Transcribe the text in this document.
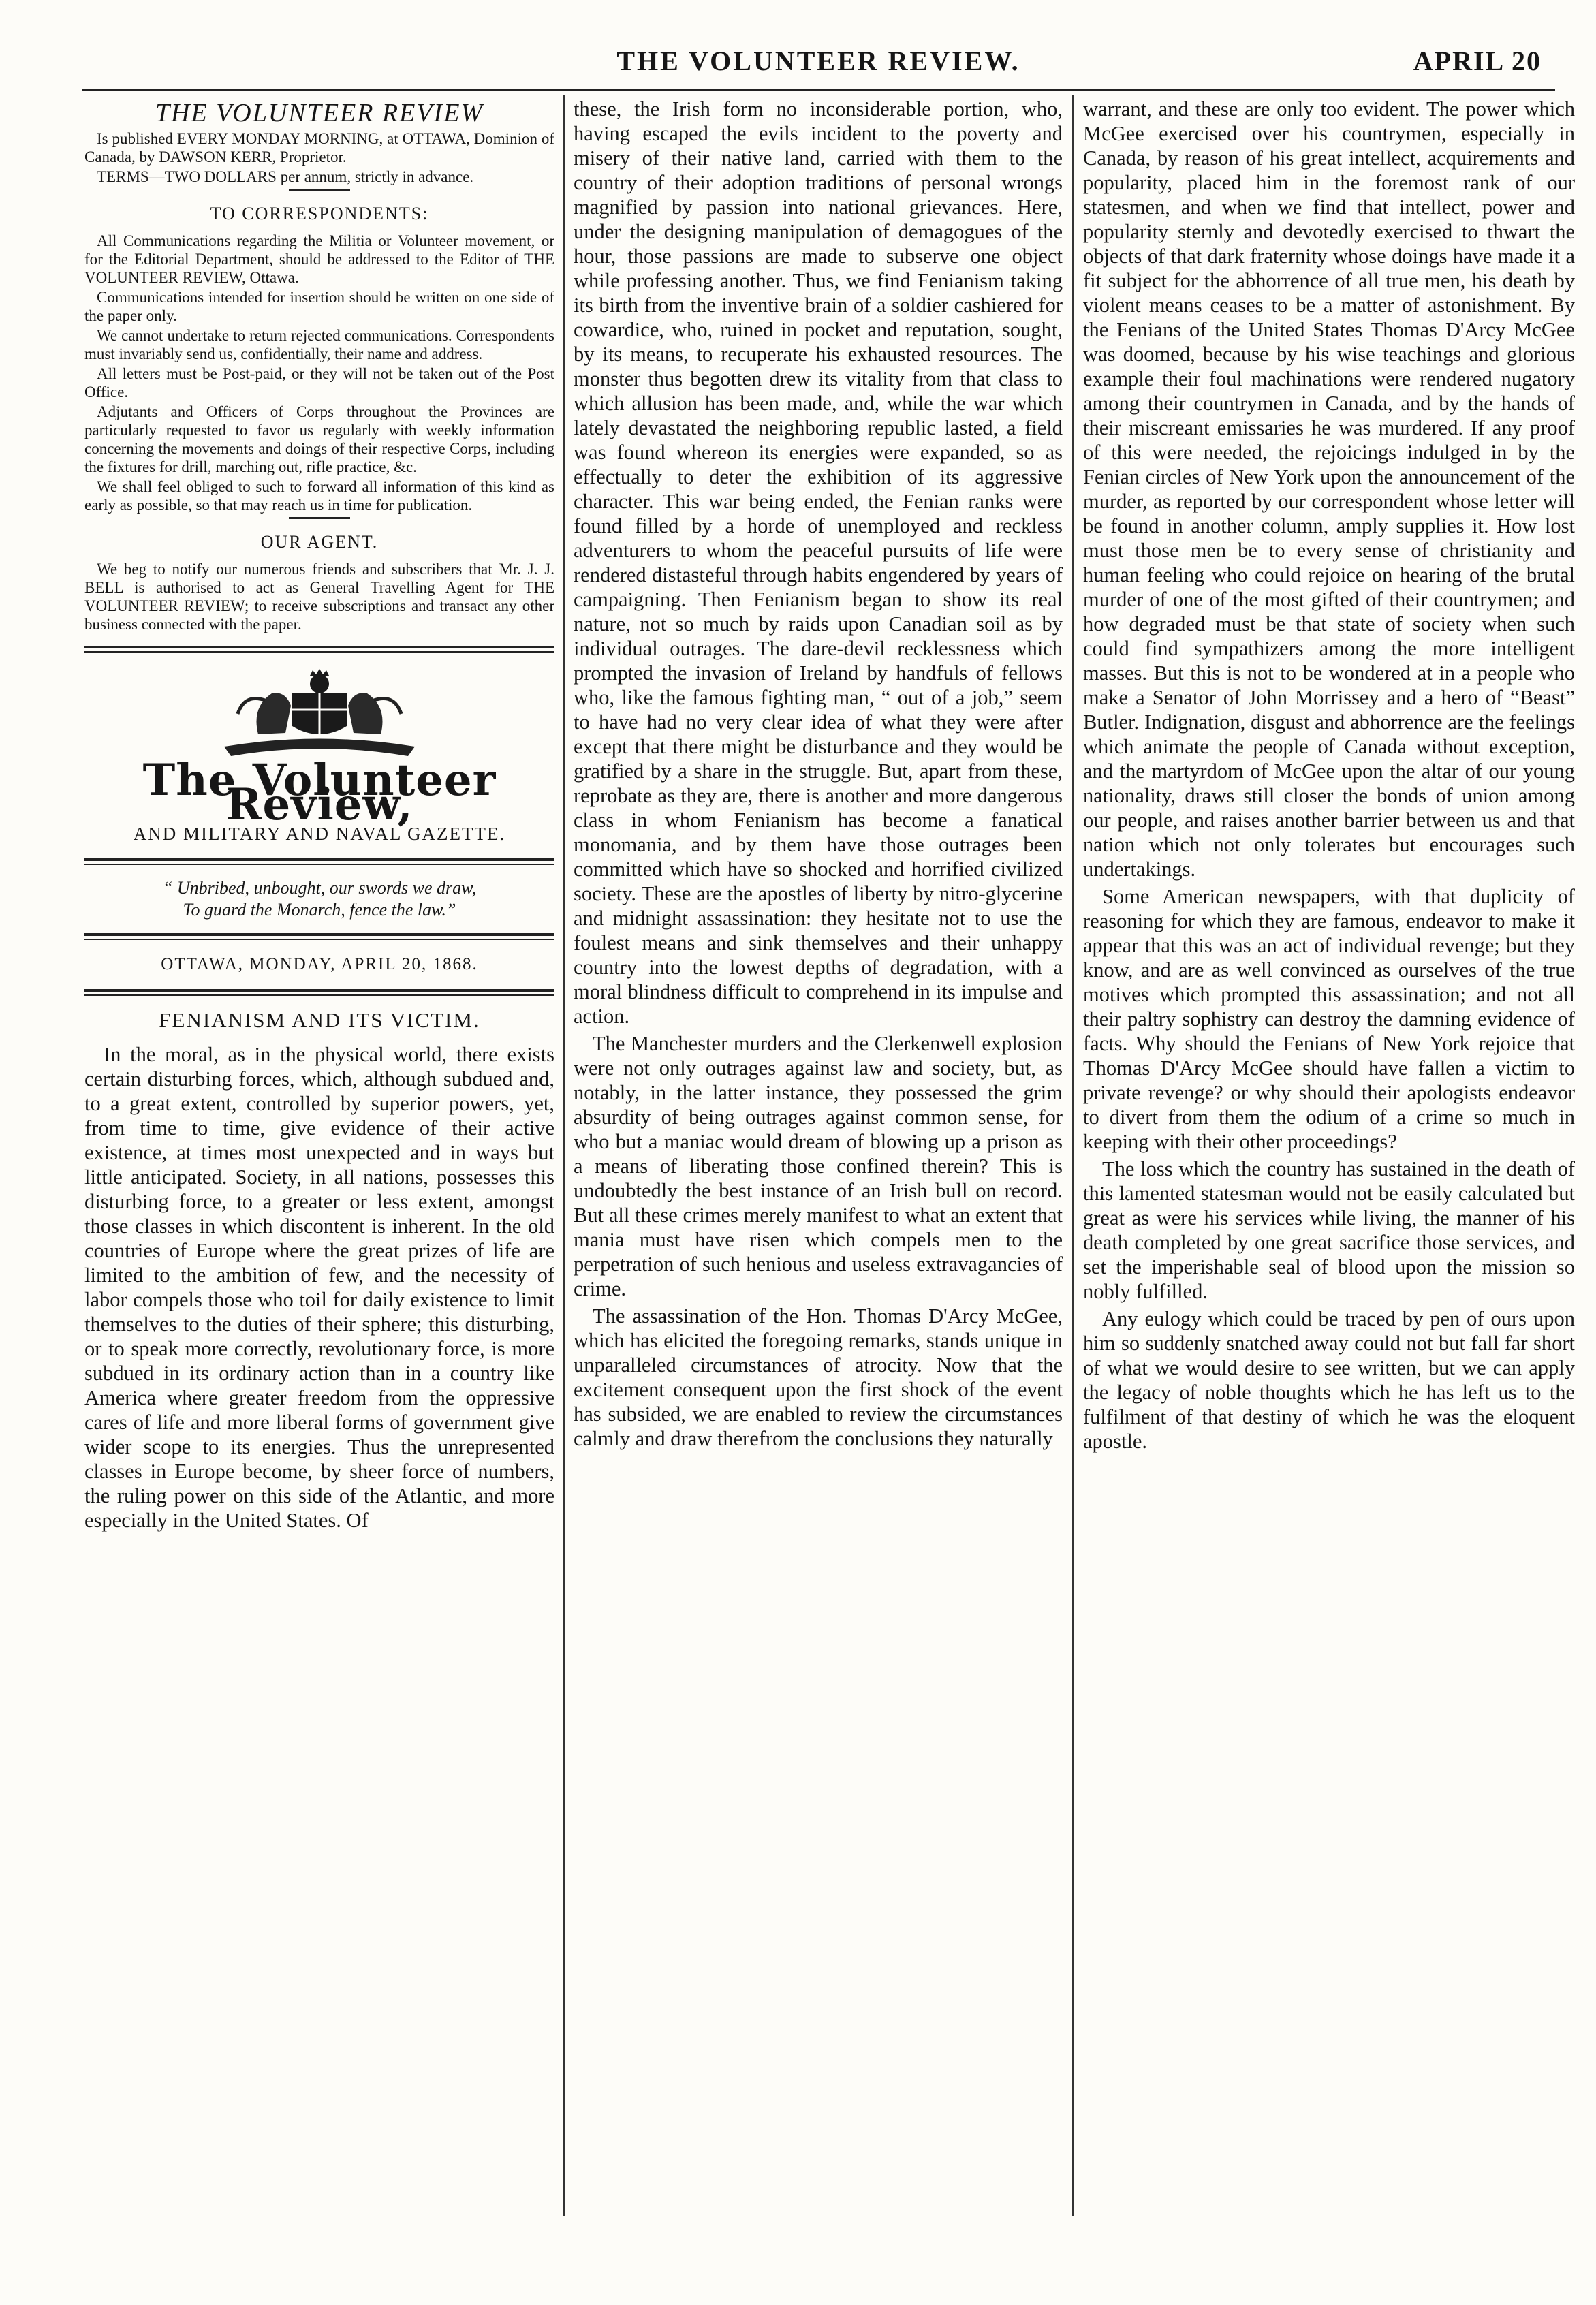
THE VOLUNTEER REVIEW.	APRIL 20
THE VOLUNTEER REVIEW

Is published EVERY MONDAY MORNING, at OTTAWA, Dominion of Canada, by DAWSON KERR, Proprietor.

TERMS—TWO DOLLARS per annum, strictly in advance.

TO CORRESPONDENTS:

All Communications regarding the Militia or Volunteer movement, or for the Editorial Department, should be addressed to the Editor of THE VOLUNTEER REVIEW, Ottawa.

Communications intended for insertion should be written on one side of the paper only.

We cannot undertake to return rejected communications. Correspondents must invariably send us, confidentially, their name and address.

All letters must be Post-paid, or they will not be taken out of the Post Office.

Adjutants and Officers of Corps throughout the Provinces are particularly requested to favor us regularly with weekly information concerning the movements and doings of their respective Corps, including the fixtures for drill, marching out, rifle practice, &c.

We shall feel obliged to such to forward all information of this kind as early as possible, so that may reach us in time for publication.

OUR AGENT.

We beg to notify our numerous friends and subscribers that Mr. J. J. BELL is authorised to act as General Travelling Agent for THE VOLUNTEER REVIEW; to receive subscriptions and transact any other business connected with the paper.

The Volunteer Review,
AND MILITARY AND NAVAL GAZETTE.
“ Unbribed, unbought, our swords we draw,
To guard the Monarch, fence the law.”
OTTAWA, MONDAY, APRIL 20, 1868.
FENIANISM AND ITS VICTIM.

In the moral, as in the physical world, there exists certain disturbing forces, which, although subdued and, to a great extent, controlled by superior powers, yet, from time to time, give evidence of their active existence, at times most unexpected and in ways but little anticipated. Society, in all nations, possesses this disturbing force, to a greater or less extent, amongst those classes in which discontent is inherent. In the old countries of Europe where the great prizes of life are limited to the ambition of few, and the necessity of labor compels those who toil for daily existence to limit themselves to the duties of their sphere; this disturbing, or to speak more correctly, revolutionary force, is more subdued in its ordinary action than in a country like America where greater freedom from the oppressive cares of life and more liberal forms of government give wider scope to its energies. Thus the unrepresented classes in Europe become, by sheer force of numbers, the ruling power on this side of the Atlantic, and more especially in the United States. Of

these, the Irish form no inconsiderable portion, who, having escaped the evils incident to the poverty and misery of their native land, carried with them to the country of their adoption traditions of personal wrongs magnified by passion into national grievances. Here, under the designing manipulation of demagogues of the hour, those passions are made to subserve one object while professing another. Thus, we find Fenianism taking its birth from the inventive brain of a soldier cashiered for cowardice, who, ruined in pocket and reputation, sought, by its means, to recuperate his exhausted resources. The monster thus begotten drew its vitality from that class to which allusion has been made, and, while the war which lately devastated the neighboring republic lasted, a field was found whereon its energies were expanded, so as effectually to deter the exhibition of its aggressive character. This war being ended, the Fenian ranks were found filled by a horde of unemployed and reckless adventurers to whom the peaceful pursuits of life were rendered distasteful through habits engendered by years of campaigning. Then Fenianism began to show its real nature, not so much by raids upon Canadian soil as by individual outrages. The dare-devil recklessness which prompted the invasion of Ireland by handfuls of fellows who, like the famous fighting man, “ out of a job,” seem to have had no very clear idea of what they were after except that there might be disturbance and they would be gratified by a share in the struggle. But, apart from these, reprobate as they are, there is another and more dangerous class in whom Fenianism has become a fanatical monomania, and by them have those outrages been committed which have so shocked and horrified civilized society. These are the apostles of liberty by nitro-glycerine and midnight assassination: they hesitate not to use the foulest means and sink themselves and their unhappy country into the lowest depths of degradation, with a moral blindness difficult to comprehend in its impulse and action.

The Manchester murders and the Clerkenwell explosion were not only outrages against law and society, but, as notably, in the latter instance, they possessed the grim absurdity of being outrages against common sense, for who but a maniac would dream of blowing up a prison as a means of liberating those confined therein? This is undoubtedly the best instance of an Irish bull on record. But all these crimes merely manifest to what an extent that mania must have risen which compels men to the perpetration of such henious and useless extravagancies of crime.

The assassination of the Hon. Thomas D'Arcy McGee, which has elicited the foregoing remarks, stands unique in unparalleled circumstances of atrocity. Now that the excitement consequent upon the first shock of the event has subsided, we are enabled to review the circumstances calmly and draw therefrom the conclusions they naturally

warrant, and these are only too evident. The power which McGee exercised over his countrymen, especially in Canada, by reason of his great intellect, acquirements and popularity, placed him in the foremost rank of our statesmen, and when we find that intellect, power and popularity sternly and devotedly exercised to thwart the objects of that dark fraternity whose doings have made it a fit subject for the abhorrence of all true men, his death by violent means ceases to be a matter of astonishment. By the Fenians of the United States Thomas D'Arcy McGee was doomed, because by his wise teachings and glorious example their foul machinations were rendered nugatory among their countrymen in Canada, and by the hands of their miscreant emissaries he was murdered. If any proof of this were needed, the rejoicings indulged in by the Fenian circles of New York upon the announcement of the murder, as reported by our correspondent whose letter will be found in another column, amply supplies it. How lost must those men be to every sense of christianity and human feeling who could rejoice on hearing of the brutal murder of one of the most gifted of their countrymen; and how degraded must be that state of society when such could find sympathizers among the more intelligent masses. But this is not to be wondered at in a people who make a Senator of John Morrissey and a hero of “Beast” Butler. Indignation, disgust and abhorrence are the feelings which animate the people of Canada without exception, and the martyrdom of McGee upon the altar of our young nationality, draws still closer the bonds of union among our people, and raises another barrier between us and that nation which not only tolerates but encourages such undertakings.

Some American newspapers, with that duplicity of reasoning for which they are famous, endeavor to make it appear that this was an act of individual revenge; but they know, and are as well convinced as ourselves of the true motives which prompted this assassination; and not all their paltry sophistry can destroy the damning evidence of facts. Why should the Fenians of New York rejoice that Thomas D'Arcy McGee should have fallen a victim to private revenge? or why should their apologists endeavor to divert from them the odium of a crime so much in keeping with their other proceedings?

The loss which the country has sustained in the death of this lamented statesman would not be easily calculated but great as were his services while living, the manner of his death completed by one great sacrifice those services, and set the imperishable seal of blood upon the mission so nobly fulfilled.

Any eulogy which could be traced by pen of ours upon him so suddenly snatched away could not but fall far short of what we would desire to see written, but we can apply the legacy of noble thoughts which he has left us to the fulfilment of that destiny of which he was the eloquent apostle.
